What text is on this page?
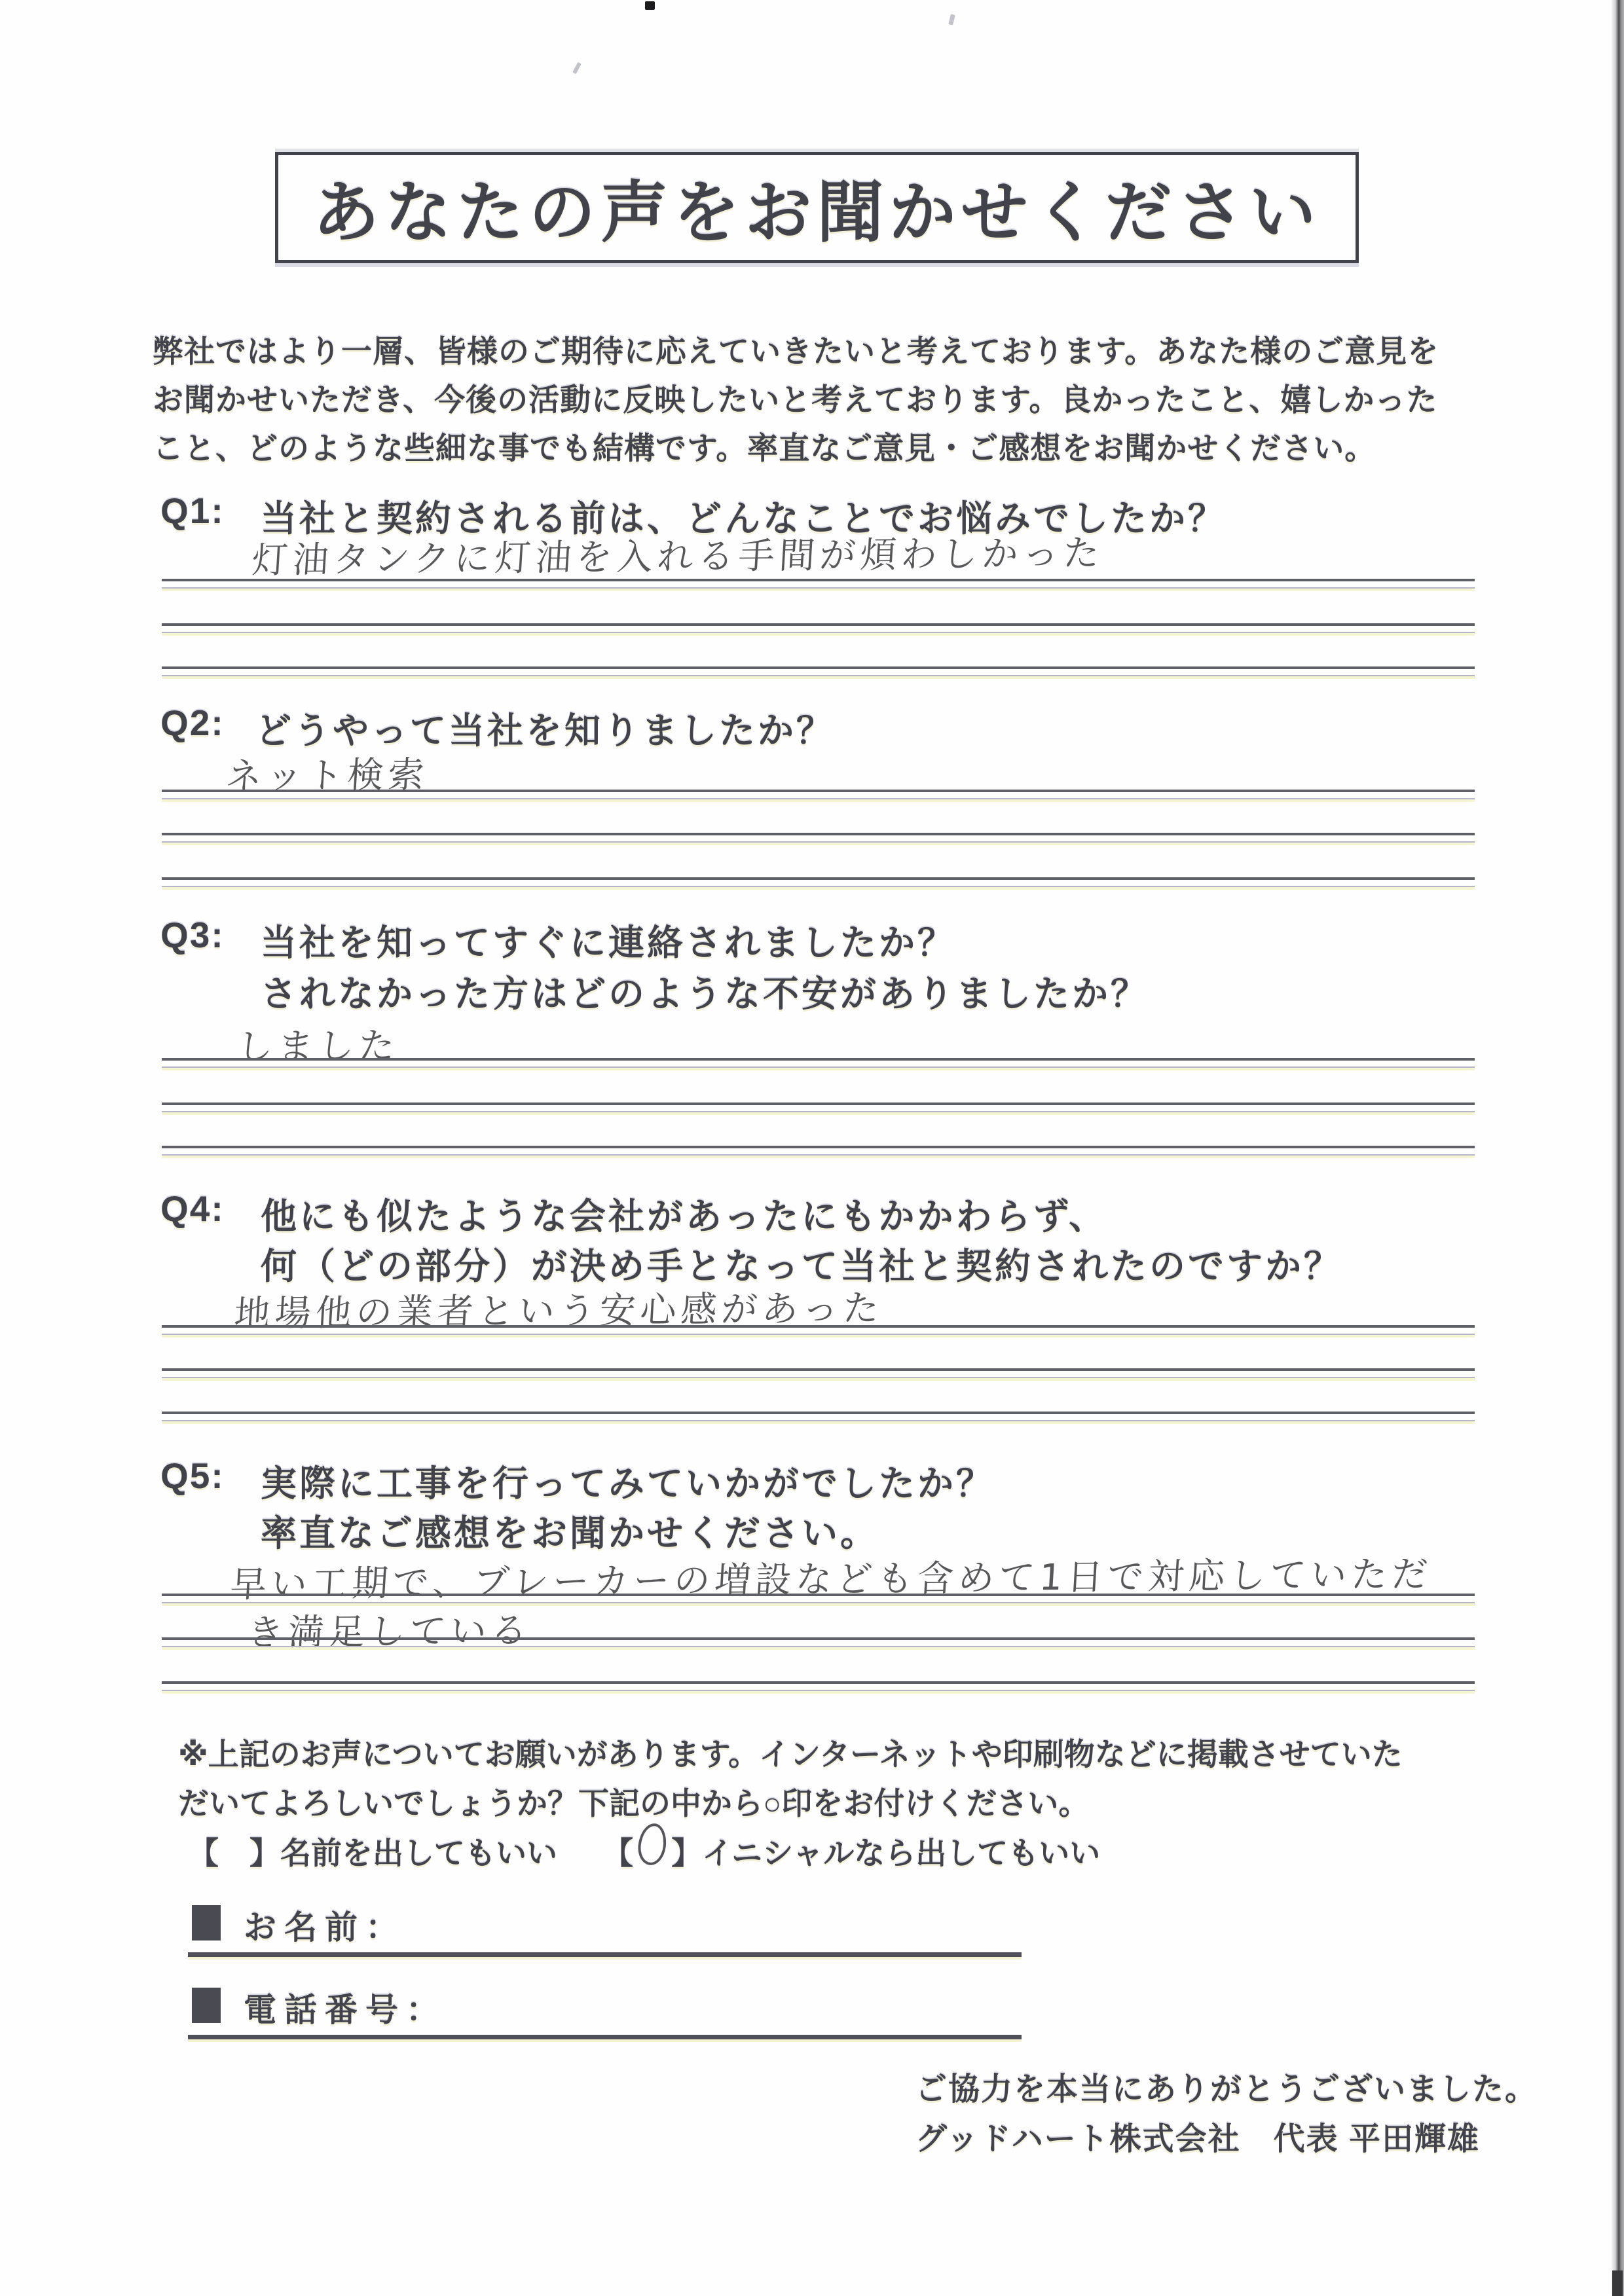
あなたの声をお聞かせください
弊社ではより一層、皆様のご期待に応えていきたいと考えております。あなた様のご意見を
お聞かせいただき、今後の活動に反映したいと考えております。良かったこと、嬉しかった
こと、どのような些細な事でも結構です。率直なご意見・ご感想をお聞かせください。
Q1: 当社と契約される前は、どんなことでお悩みでしたか？
灯油タンクに灯油を入れる手間が煩わしかった
Q2: どうやって当社を知りましたか？
ネット検索
Q3: 当社を知ってすぐに連絡されましたか？
されなかった方はどのような不安がありましたか？
しました
Q4: 他にも似たような会社があったにもかかわらず、
何（どの部分）が決め手となって当社と契約されたのですか？
地場他の業者という安心感があった
Q5: 実際に工事を行ってみていかがでしたか？
率直なご感想をお聞かせください。
早い工期で、ブレーカーの増設なども含めて1日で対応していただ
き満足している
※上記のお声についてお願いがあります。インターネットや印刷物などに掲載させていた
だいてよろしいでしょうか？下記の中から○印をお付けください。
【　】名前を出してもいい 【 】イニシャルなら出してもいい
お名前：
電話番号：
ご協力を本当にありがとうございました。
グッドハート株式会社　代表 平田輝雄
